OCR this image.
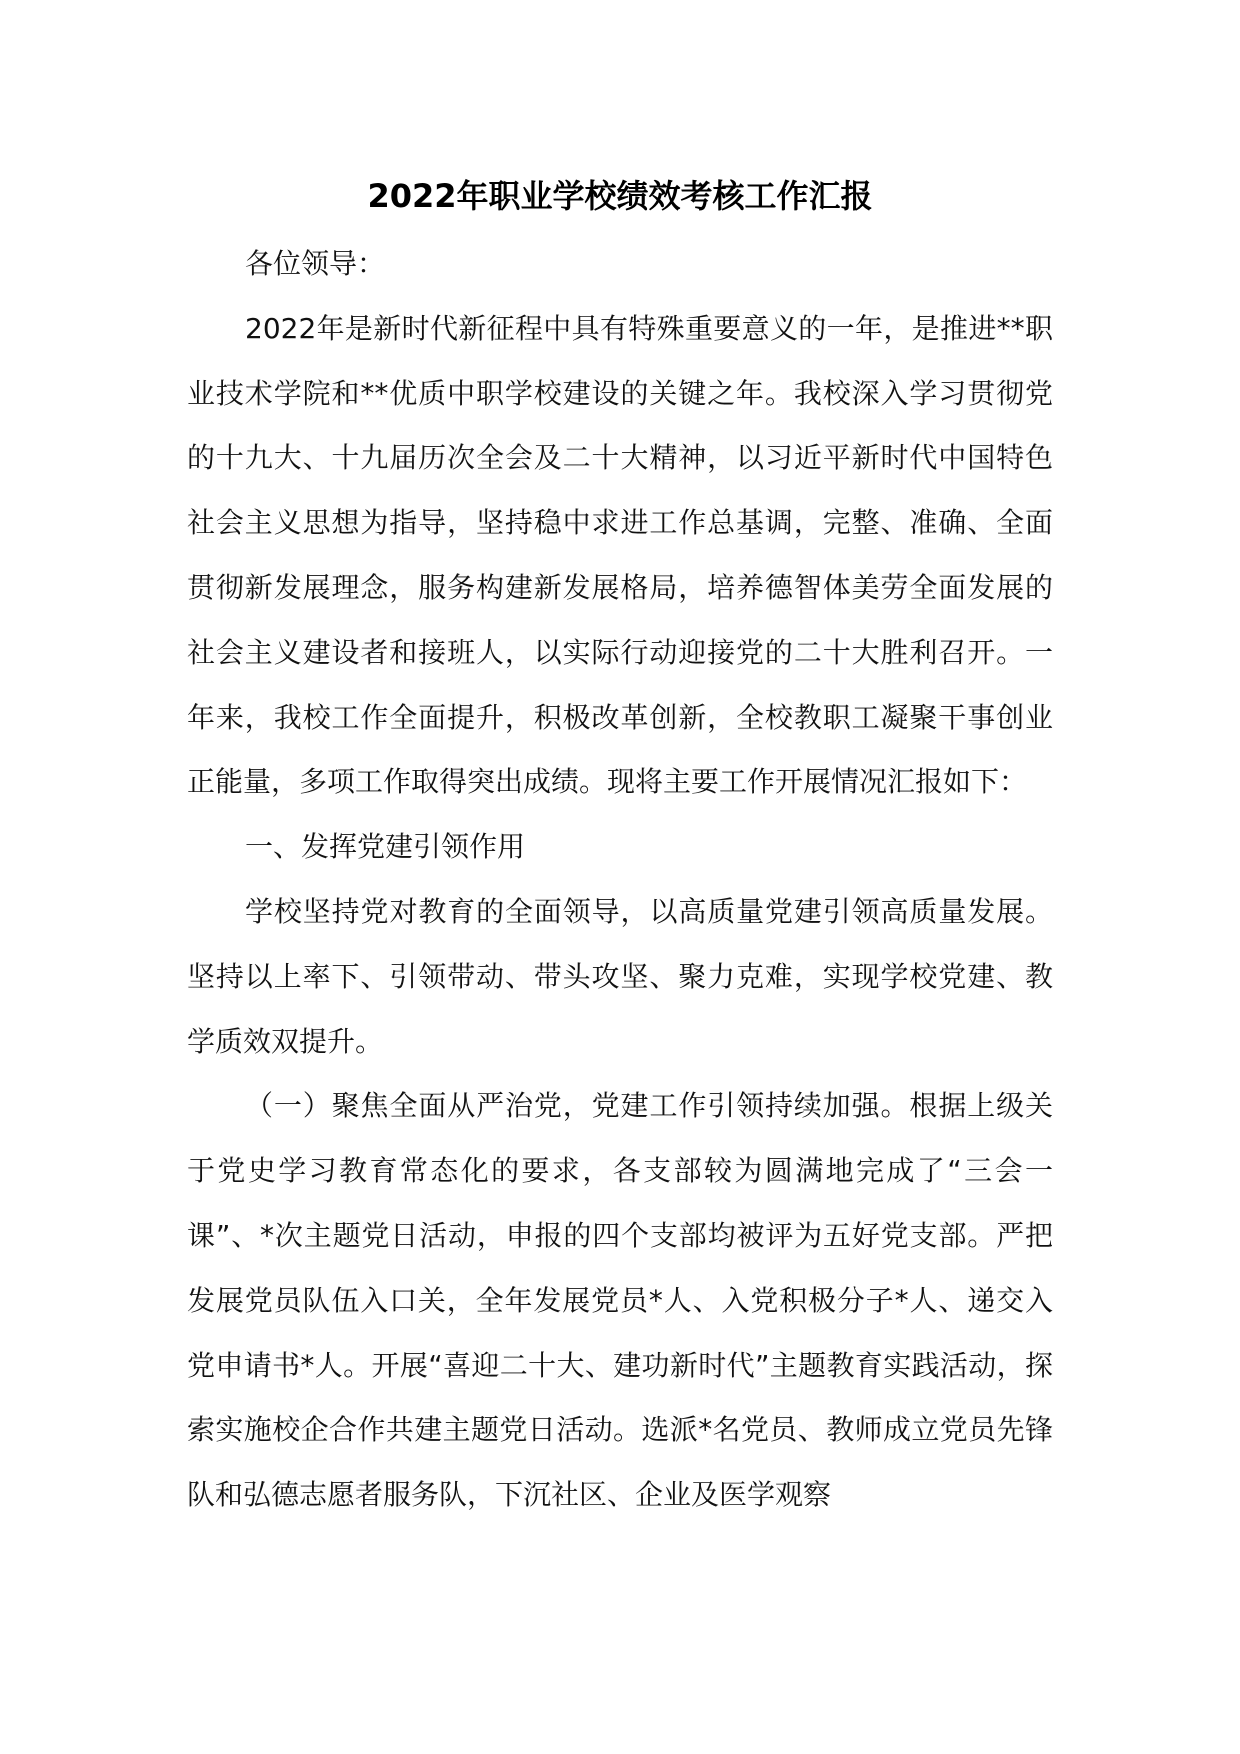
2022年职业学校绩效考核工作汇报

各位领导：

2022年是新时代新征程中具有特殊重要意义的一年，是推进**职业技术学院和**优质中职学校建设的关键之年。我校深入学习贯彻党的十九大、十九届历次全会及二十大精神，以习近平新时代中国特色社会主义思想为指导，坚持稳中求进工作总基调，完整、准确、全面贯彻新发展理念，服务构建新发展格局，培养德智体美劳全面发展的社会主义建设者和接班人，以实际行动迎接党的二十大胜利召开。一年来，我校工作全面提升，积极改革创新，全校教职工凝聚干事创业正能量，多项工作取得突出成绩。现将主要工作开展情况汇报如下：

一、发挥党建引领作用

学校坚持党对教育的全面领导，以高质量党建引领高质量发展。坚持以上率下、引领带动、带头攻坚、聚力克难，实现学校党建、教学质效双提升。

（一）聚焦全面从严治党，党建工作引领持续加强。根据上级关于党史学习教育常态化的要求，各支部较为圆满地完成了“三会一课”、*次主题党日活动，申报的四个支部均被评为五好党支部。严把发展党员队伍入口关，全年发展党员*人、入党积极分子*人、递交入党申请书*人。开展“喜迎二十大、建功新时代”主题教育实践活动，探索实施校企合作共建主题党日活动。选派*名党员、教师成立党员先锋队和弘德志愿者服务队，下沉社区、企业及医学观察
